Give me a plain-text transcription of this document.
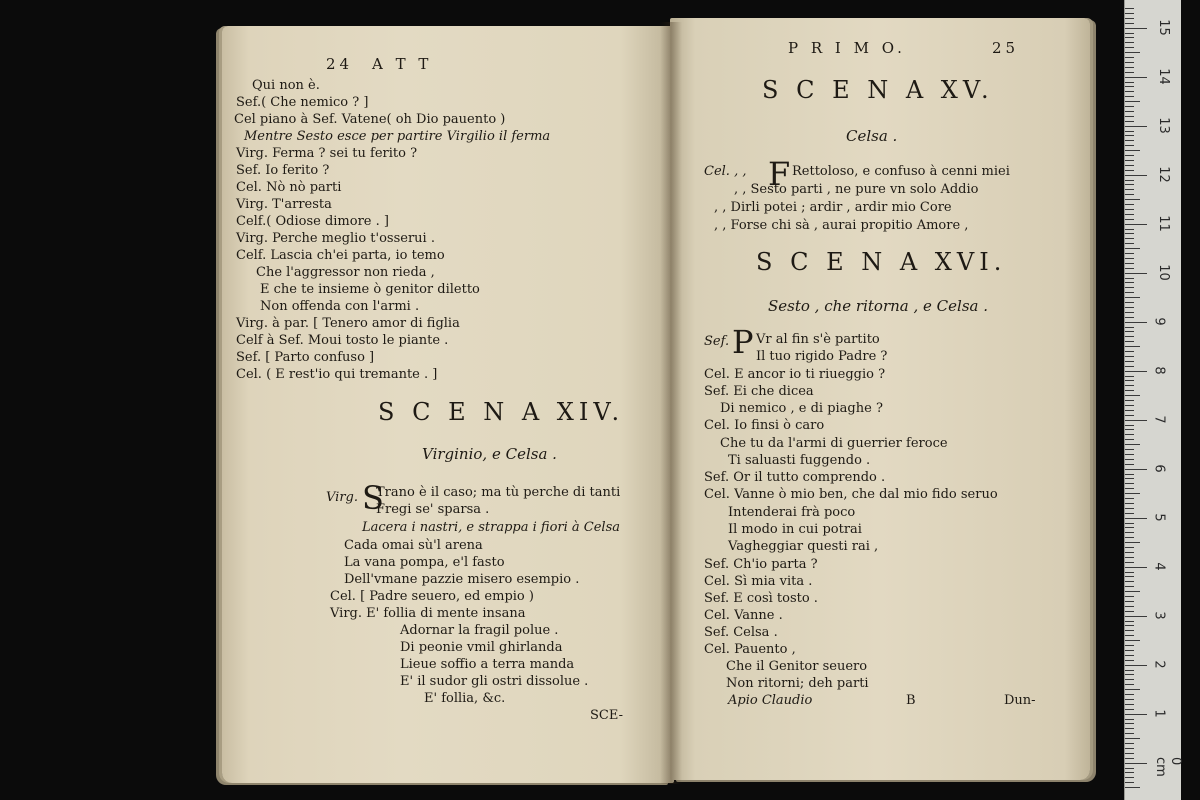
24 A T T
S C E N A XIV.
Virginio, e Celsa .
Virg. S
SCE-
Qui non è.
Sef.( Che nemico ? ]
Cel piano à Sef. Vatene( oh Dio pauento )
Mentre Sesto esce per partire Virgilio il ferma
Virg. Ferma ? sei tu ferito ?
Sef. Io ferito ?
Cel. Nò nò parti
Virg. T'arresta
Celf.( Odiose dimore . ]
Virg. Perche meglio t'osserui .
Celf. Lascia ch'ei parta, io temo
Che l'aggressor non rieda ,
E che te insieme ò genitor diletto
Non offenda con l'armi .
Virg. à par. [ Tenero amor di figlia
Celf à Sef. Moui tosto le piante .
Sef. [ Parto confuso ]
Cel. ( E rest'io qui tremante . ]
Trano è il caso; ma tù perche di tanti
Fregi se' sparsa .
Lacera i nastri, e strappa i fiori à Celsa
Cada omai sù'l arena
La vana pompa, e'l fasto
Dell'vmane pazzie misero esempio .
Cel. [ Padre seuero, ed empio )
Virg. E' follia di mente insana
Adornar la fragil polue .
Di peonie vmil ghirlanda
Lieue soffio a terra manda
E' il sudor gli ostri dissolue .
E' follia, &c.
P R I M O.	25
S C E N A XV.
Celsa .
Cel. , , F
S C E N A XVI.
Sesto , che ritorna , e Celsa .
Sef. P
B	Dun-
Rettoloso, e confuso à cenni miei
, , Sesto parti , ne pure vn solo Addio
, , Dirli potei ; ardir , ardir mio Core
, , Forse chi sà , aurai propitio Amore ,
Vr al fin s'è partito
Il tuo rigido Padre ?
Cel. E ancor io ti riueggio ?
Sef. Ei che dicea
Di nemico , e di piaghe ?
Cel. Io finsi ò caro
Che tu da l'armi di guerrier feroce
Ti saluasti fuggendo .
Sef. Or il tutto comprendo .
Cel. Vanne ò mio ben, che dal mio fido seruo
Intenderai frà poco
Il modo in cui potrai
Vagheggiar questi rai ,
Sef. Ch'io parta ?
Cel. Sì mia vita .
Sef. E così tosto .
Cel. Vanne .
Sef. Celsa .
Cel. Pauento ,
Che il Genitor seuero
Non ritorni; deh parti
Apio Claudio
15
14
13
12
11
10
9
8
7
6
5
4
3
2
1
0 cm
